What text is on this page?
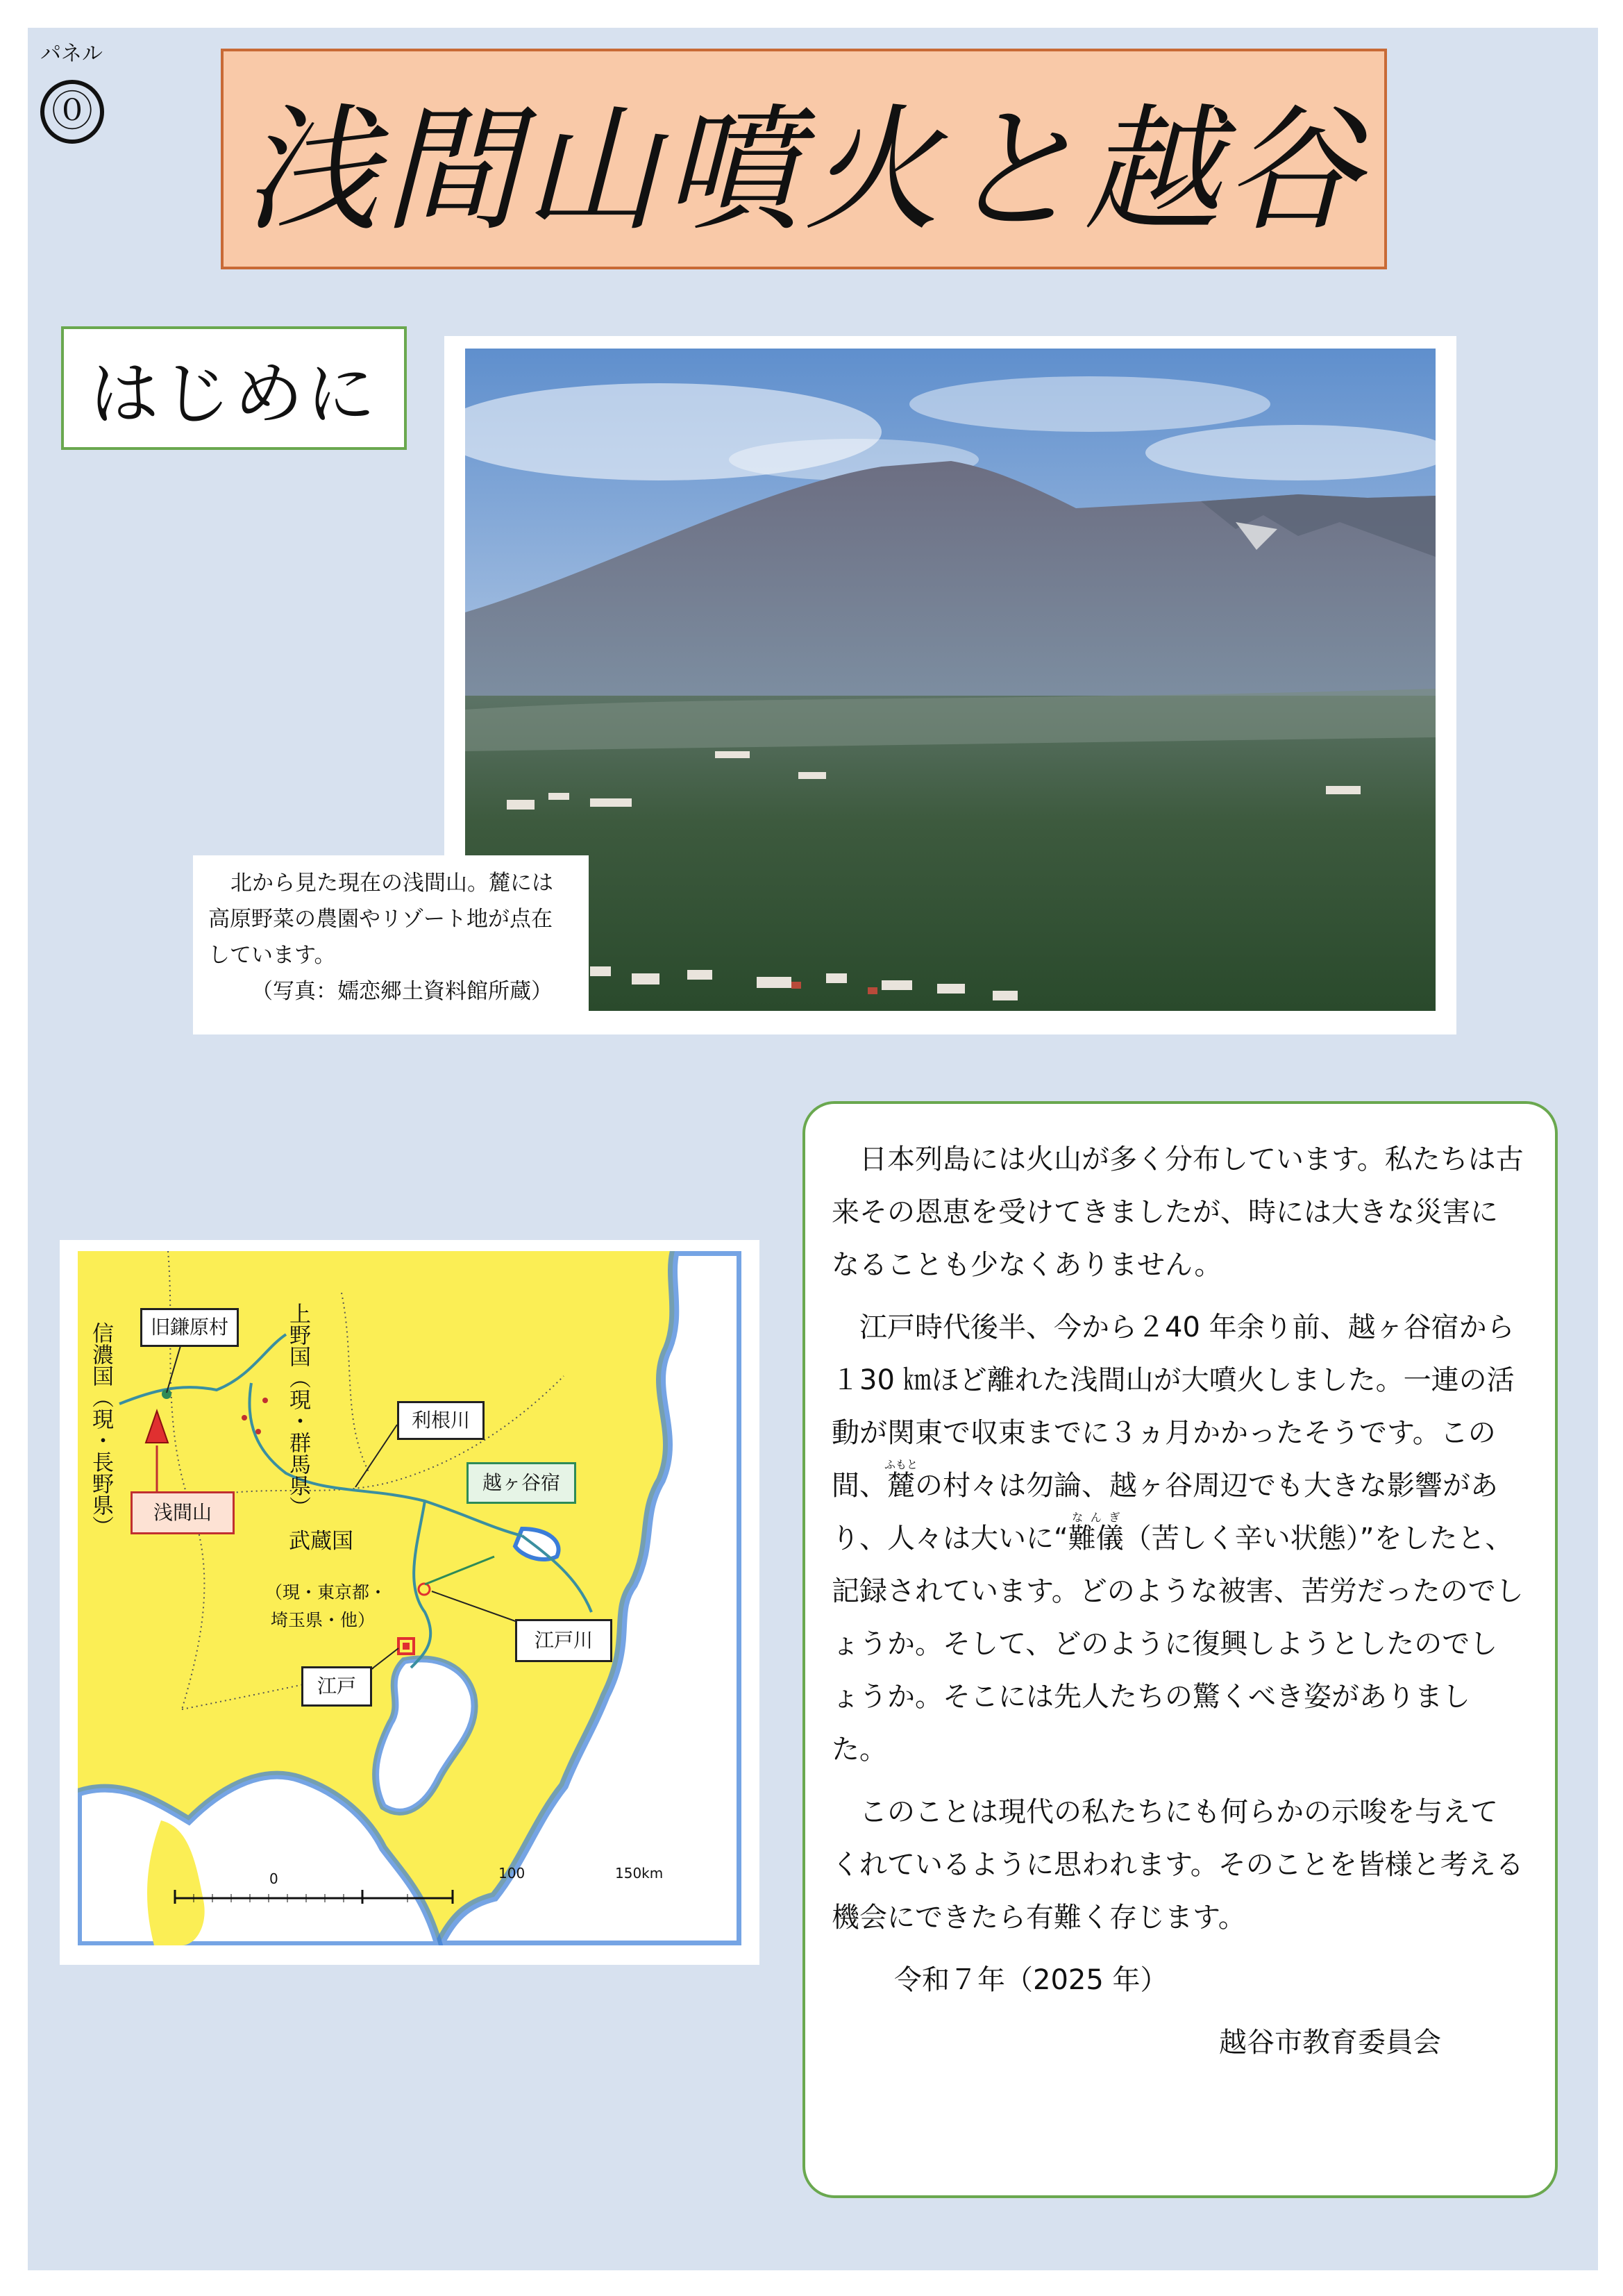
パネル
⓪ 浅間山噴火と越谷
はじめに

北から見た現在の浅間山。麓には

高原野菜の農園やリゾート地が点在

しています。

（写真：嬬恋郷土資料館所蔵）

旧鎌原村
浅間山
利根川
越ヶ谷宿
江戸川
江戸
信濃国（現・長野県）	上野国（現・群馬県）
武蔵国
（現・東京都・
埼玉県・他）
0	100	150km

日本列島には火山が多く分布しています。私たちは古来その恩恵を受けてきましたが、時には大きな災害になることも少なくありません。

江戸時代後半、今から２40 年余り前、越ヶ谷宿から１30 ㎞ほど離れた浅間山が大噴火しました。一連の活動が関東で収束までに３ヵ月かかったそうです。この間、麓ふもとの村々は勿論、越ヶ谷周辺でも大きな影響があり、人々は大いに“難儀なんぎ（苦しく辛い状態）”をしたと、記録されています。どのような被害、苦労だったのでしょうか。そして、どのように復興しようとしたのでしょうか。そこには先人たちの驚くべき姿がありました。

このことは現代の私たちにも何らかの示唆を与えてくれているように思われます。そのことを皆様と考える機会にできたら有難く存じます。

令和７年（2025 年）
越谷市教育委員会
